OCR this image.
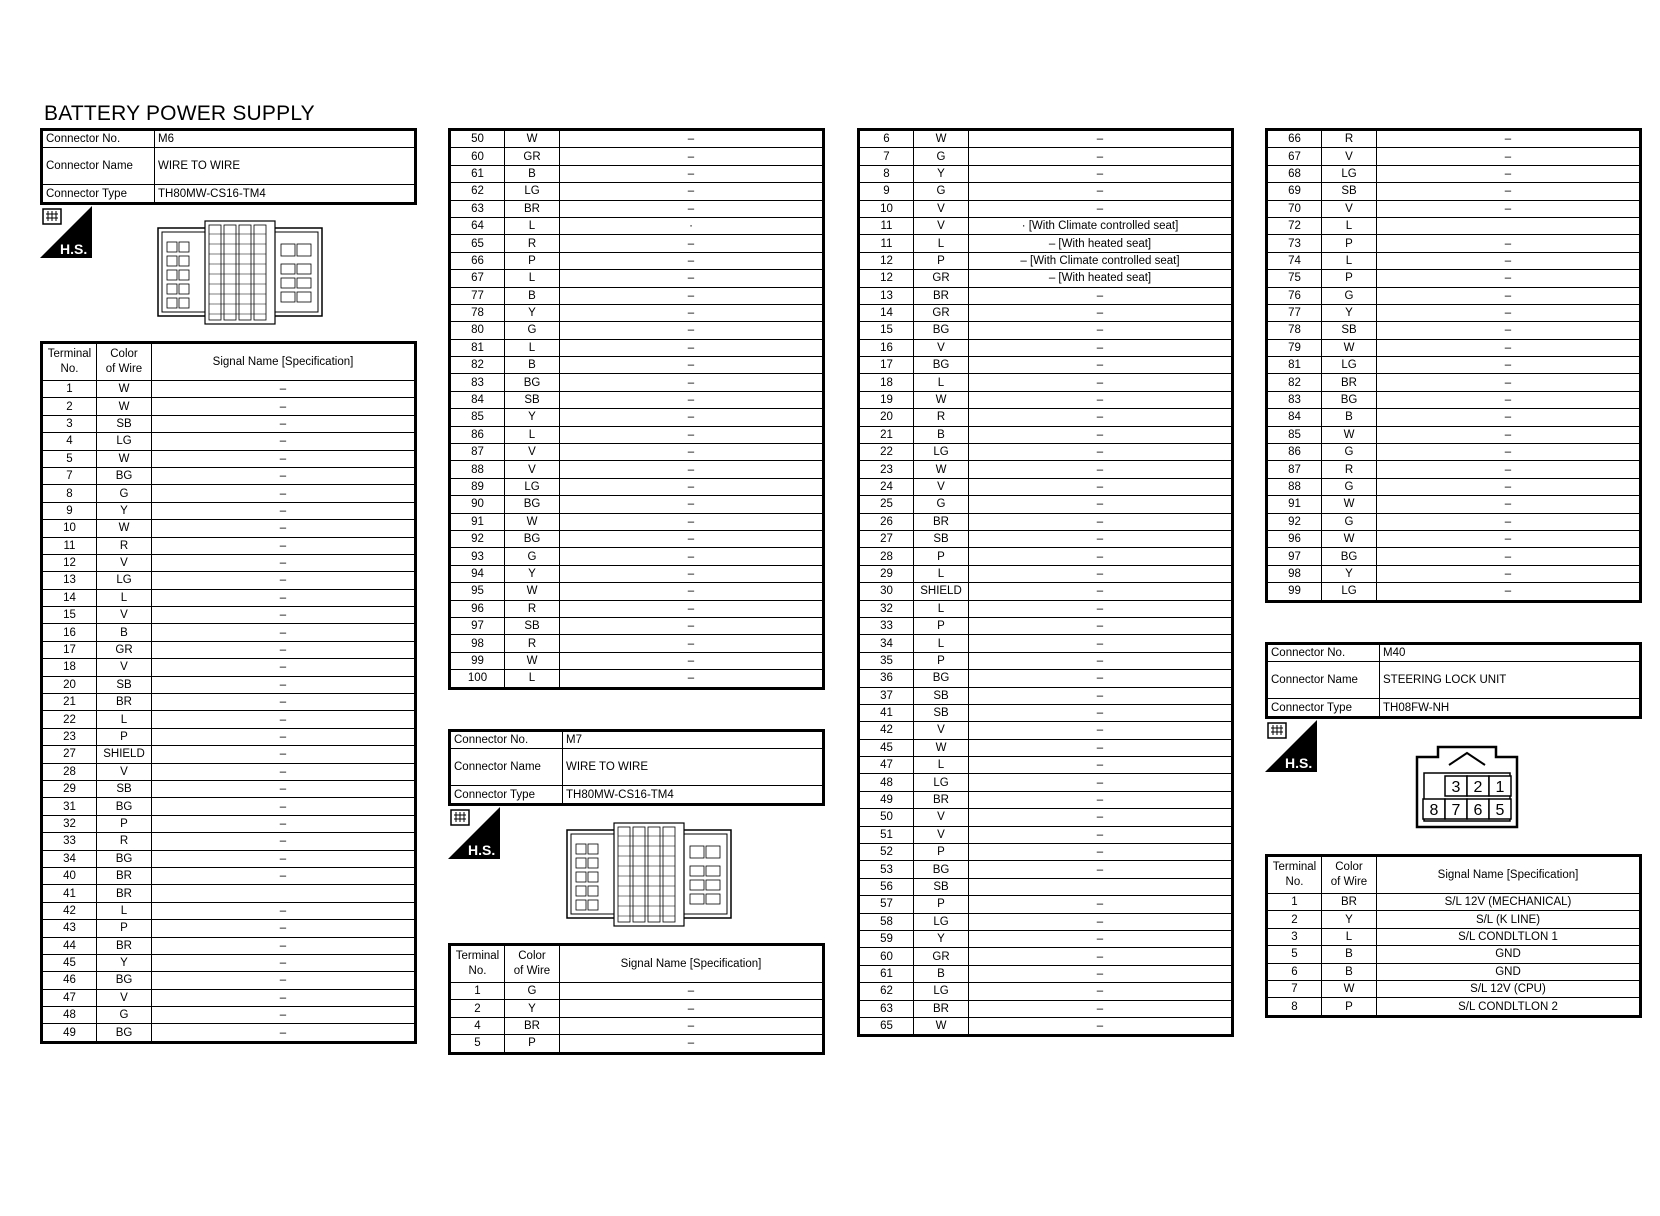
BATTERY POWER SUPPLY
Connector No.	M6
Connector Name	WIRE TO WIRE
Connector Type	TH80MW-CS16-TM4
H.S.
Terminal
No.	Color
of Wire	Signal Name [Specification]
1	W	–
2	W	–
3	SB	–
4	LG	–
5	W	–
7	BG	–
8	G	–
9	Y	–
10	W	–
11	R	–
12	V	–
13	LG	–
14	L	–
15	V	–
16	B	–
17	GR	–
18	V	–
20	SB	–
21	BR	–
22	L	–
23	P	–
27	SHIELD	–
28	V	–
29	SB	–
31	BG	–
32	P	–
33	R	–
34	BG	–
40	BR	–
41	BR	
42	L	–
43	P	–
44	BR	–
45	Y	–
46	BG	–
47	V	–
48	G	–
49	BG	–
50	W	–
60	GR	–
61	B	–
62	LG	–
63	BR	–
64	L	·
65	R	–
66	P	–
67	L	–
77	B	–
78	Y	–
80	G	–
81	L	–
82	B	–
83	BG	–
84	SB	–
85	Y	–
86	L	–
87	V	–
88	V	–
89	LG	–
90	BG	–
91	W	–
92	BG	–
93	G	–
94	Y	–
95	W	–
96	R	–
97	SB	–
98	R	–
99	W	–
100	L	–
Connector No.	M7
Connector Name	WIRE TO WIRE
Connector Type	TH80MW-CS16-TM4
H.S.
Terminal
No.	Color
of Wire	Signal Name [Specification]
1	G	–
2	Y	–
4	BR	–
5	P	–
6	W	–
7	G	–
8	Y	–
9	G	–
10	V	–
11	V	· [With Climate controlled seat]
11	L	– [With heated seat]
12	P	– [With Climate controlled seat]
12	GR	– [With heated seat]
13	BR	–
14	GR	–
15	BG	–
16	V	–
17	BG	–
18	L	–
19	W	–
20	R	–
21	B	–
22	LG	–
23	W	–
24	V	–
25	G	–
26	BR	–
27	SB	–
28	P	–
29	L	–
30	SHIELD	–
32	L	–
33	P	–
34	L	–
35	P	–
36	BG	–
37	SB	–
41	SB	–
42	V	–
45	W	–
47	L	–
48	LG	–
49	BR	–
50	V	–
51	V	–
52	P	–
53	BG	–
56	SB	
57	P	–
58	LG	–
59	Y	–
60	GR	–
61	B	–
62	LG	–
63	BR	–
65	W	–
66	R	–
67	V	–
68	LG	–
69	SB	–
70	V	–
72	L	
73	P	–
74	L	–
75	P	–
76	G	–
77	Y	–
78	SB	–
79	W	–
81	LG	–
82	BR	–
83	BG	–
84	B	–
85	W	–
86	G	–
87	R	–
88	G	–
91	W	–
92	G	–
96	W	–
97	BG	–
98	Y	–
99	LG	–
Connector No.	M40
Connector Name	STEERING LOCK UNIT
Connector Type	TH08FW-NH
H.S.
3 2 1
8 7 6 5
Terminal
No.	Color
of Wire	Signal Name [Specification]
1	BR	S/L 12V (MECHANICAL)
2	Y	S/L (K LINE)
3	L	S/L CONDLTLON 1
5	B	GND
6	B	GND
7	W	S/L 12V (CPU)
8	P	S/L CONDLTLON 2
